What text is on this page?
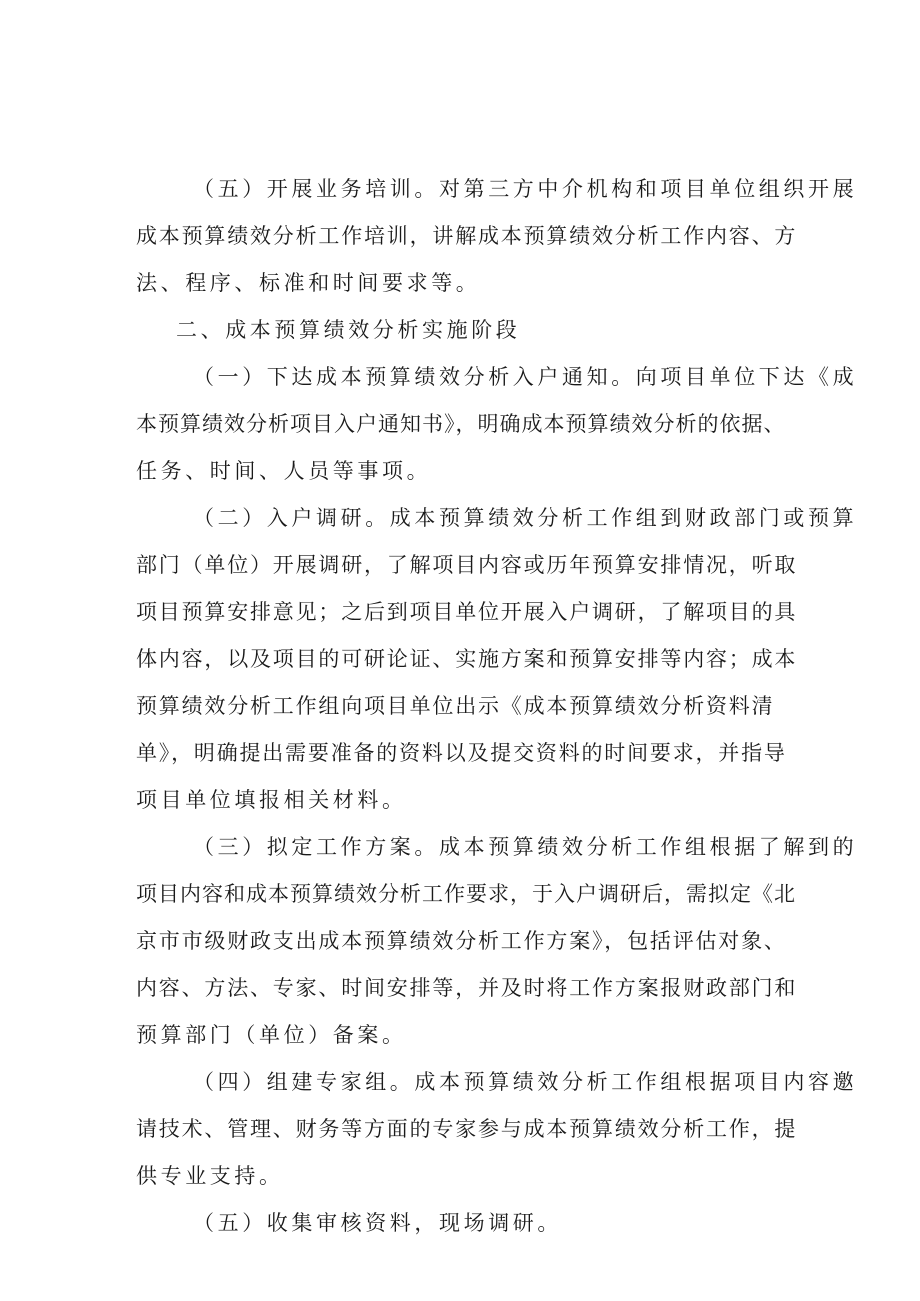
（五）开展业务培训。对第三方中介机构和项目单位组织开展
成本预算绩效分析工作培训，讲解成本预算绩效分析工作内容、方
法、程序、标准和时间要求等。
二、成本预算绩效分析实施阶段
（一）下达成本预算绩效分析入户通知。向项目单位下达《成
本预算绩效分析项目入户通知书》，明确成本预算绩效分析的依据、
任务、时间、人员等事项。
（二）入户调研。成本预算绩效分析工作组到财政部门或预算
部门（单位）开展调研，了解项目内容或历年预算安排情况，听取
项目预算安排意见；之后到项目单位开展入户调研，了解项目的具
体内容，以及项目的可研论证、实施方案和预算安排等内容；成本
预算绩效分析工作组向项目单位出示《成本预算绩效分析资料清
单》，明确提出需要准备的资料以及提交资料的时间要求，并指导
项目单位填报相关材料。
（三）拟定工作方案。成本预算绩效分析工作组根据了解到的
项目内容和成本预算绩效分析工作要求，于入户调研后，需拟定《北
京市市级财政支出成本预算绩效分析工作方案》，包括评估对象、
内容、方法、专家、时间安排等，并及时将工作方案报财政部门和
预算部门（单位）备案。
（四）组建专家组。成本预算绩效分析工作组根据项目内容邀
请技术、管理、财务等方面的专家参与成本预算绩效分析工作，提
供专业支持。
（五）收集审核资料，现场调研。
